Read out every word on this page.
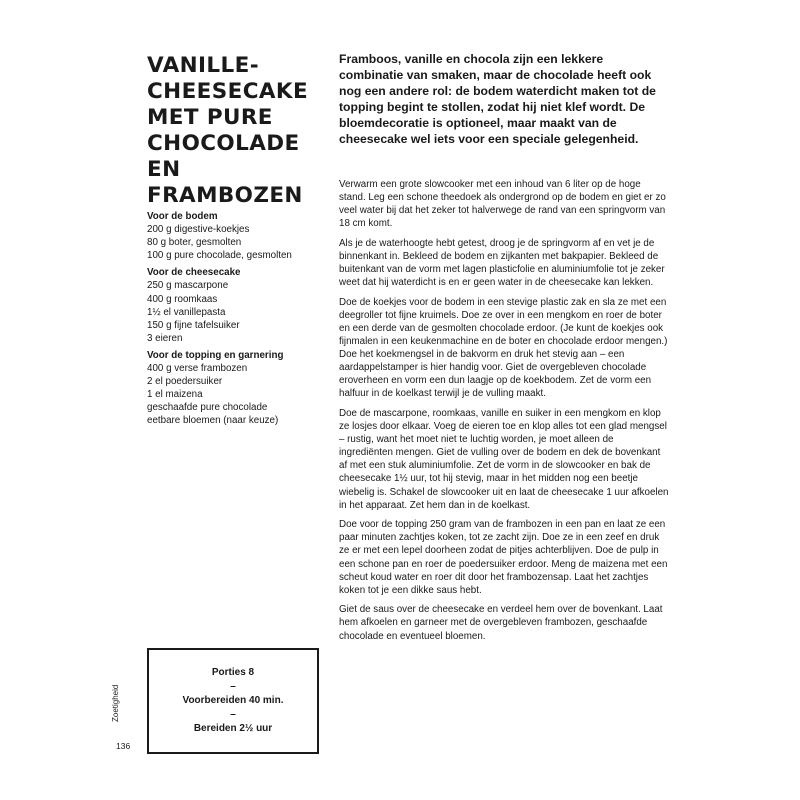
VANILLE-
CHEESECAKE
MET PURE
CHOCOLADE EN
FRAMBOZEN

Framboos, vanille en chocola zijn een lekkere combinatie van smaken, maar de chocolade heeft ook nog een andere rol: de bodem waterdicht maken tot de topping begint te stollen, zodat hij niet klef wordt. De bloemdecoratie is optioneel, maar maakt van de cheesecake wel iets voor een speciale gelegenheid.

Voor de bodem
200 g digestive-koekjes
80 g boter, gesmolten
100 g pure chocolade, gesmolten
Voor de cheesecake
250 g mascarpone
400 g roomkaas
1½ el vanillepasta
150 g fijne tafelsuiker
3 eieren
Voor de topping en garnering
400 g verse frambozen
2 el poedersuiker
1 el maizena
geschaafde pure chocolade
eetbare bloemen (naar keuze)

Verwarm een grote slowcooker met een inhoud van 6 liter op de hoge stand. Leg een schone theedoek als ondergrond op de bodem en giet er zo veel water bij dat het zeker tot halverwege de rand van een springvorm van 18 cm komt.

Als je de waterhoogte hebt getest, droog je de springvorm af en vet je de binnenkant in. Bekleed de bodem en zijkanten met bakpapier. Bekleed de buitenkant van de vorm met lagen plasticfolie en aluminiumfolie tot je zeker weet dat hij waterdicht is en er geen water in de cheesecake kan lekken.

Doe de koekjes voor de bodem in een stevige plastic zak en sla ze met een deegroller tot fijne kruimels. Doe ze over in een mengkom en roer de boter en een derde van de gesmolten chocolade erdoor. (Je kunt de koekjes ook fijnmalen in een keukenmachine en de boter en chocolade erdoor mengen.) Doe het koekmengsel in de bakvorm en druk het stevig aan – een aardappelstamper is hier handig voor. Giet de overgebleven chocolade eroverheen en vorm een dun laagje op de koekbodem. Zet de vorm een halfuur in de koelkast terwijl je de vulling maakt.

Doe de mascarpone, roomkaas, vanille en suiker in een mengkom en klop ze losjes door elkaar. Voeg de eieren toe en klop alles tot een glad mengsel – rustig, want het moet niet te luchtig worden, je moet alleen de ingrediënten mengen. Giet de vulling over de bodem en dek de bovenkant af met een stuk aluminiumfolie. Zet de vorm in de slowcooker en bak de cheesecake 1½ uur, tot hij stevig, maar in het midden nog een beetje wiebelig is. Schakel de slowcooker uit en laat de cheesecake 1 uur afkoelen in het apparaat. Zet hem dan in de koelkast.

Doe voor de topping 250 gram van de frambozen in een pan en laat ze een paar minuten zachtjes koken, tot ze zacht zijn. Doe ze in een zeef en druk ze er met een lepel doorheen zodat de pitjes achterblijven. Doe de pulp in een schone pan en roer de poedersuiker erdoor. Meng de maizena met een scheut koud water en roer dit door het frambozensap. Laat het zachtjes koken tot je een dikke saus hebt.

Giet de saus over de cheesecake en verdeel hem over de bovenkant. Laat hem afkoelen en garneer met de overgebleven frambozen, geschaafde chocolade en eventueel bloemen.

Porties 8
–
Voorbereiden 40 min.
–
Bereiden 2½ uur
Zoetigheid
136
